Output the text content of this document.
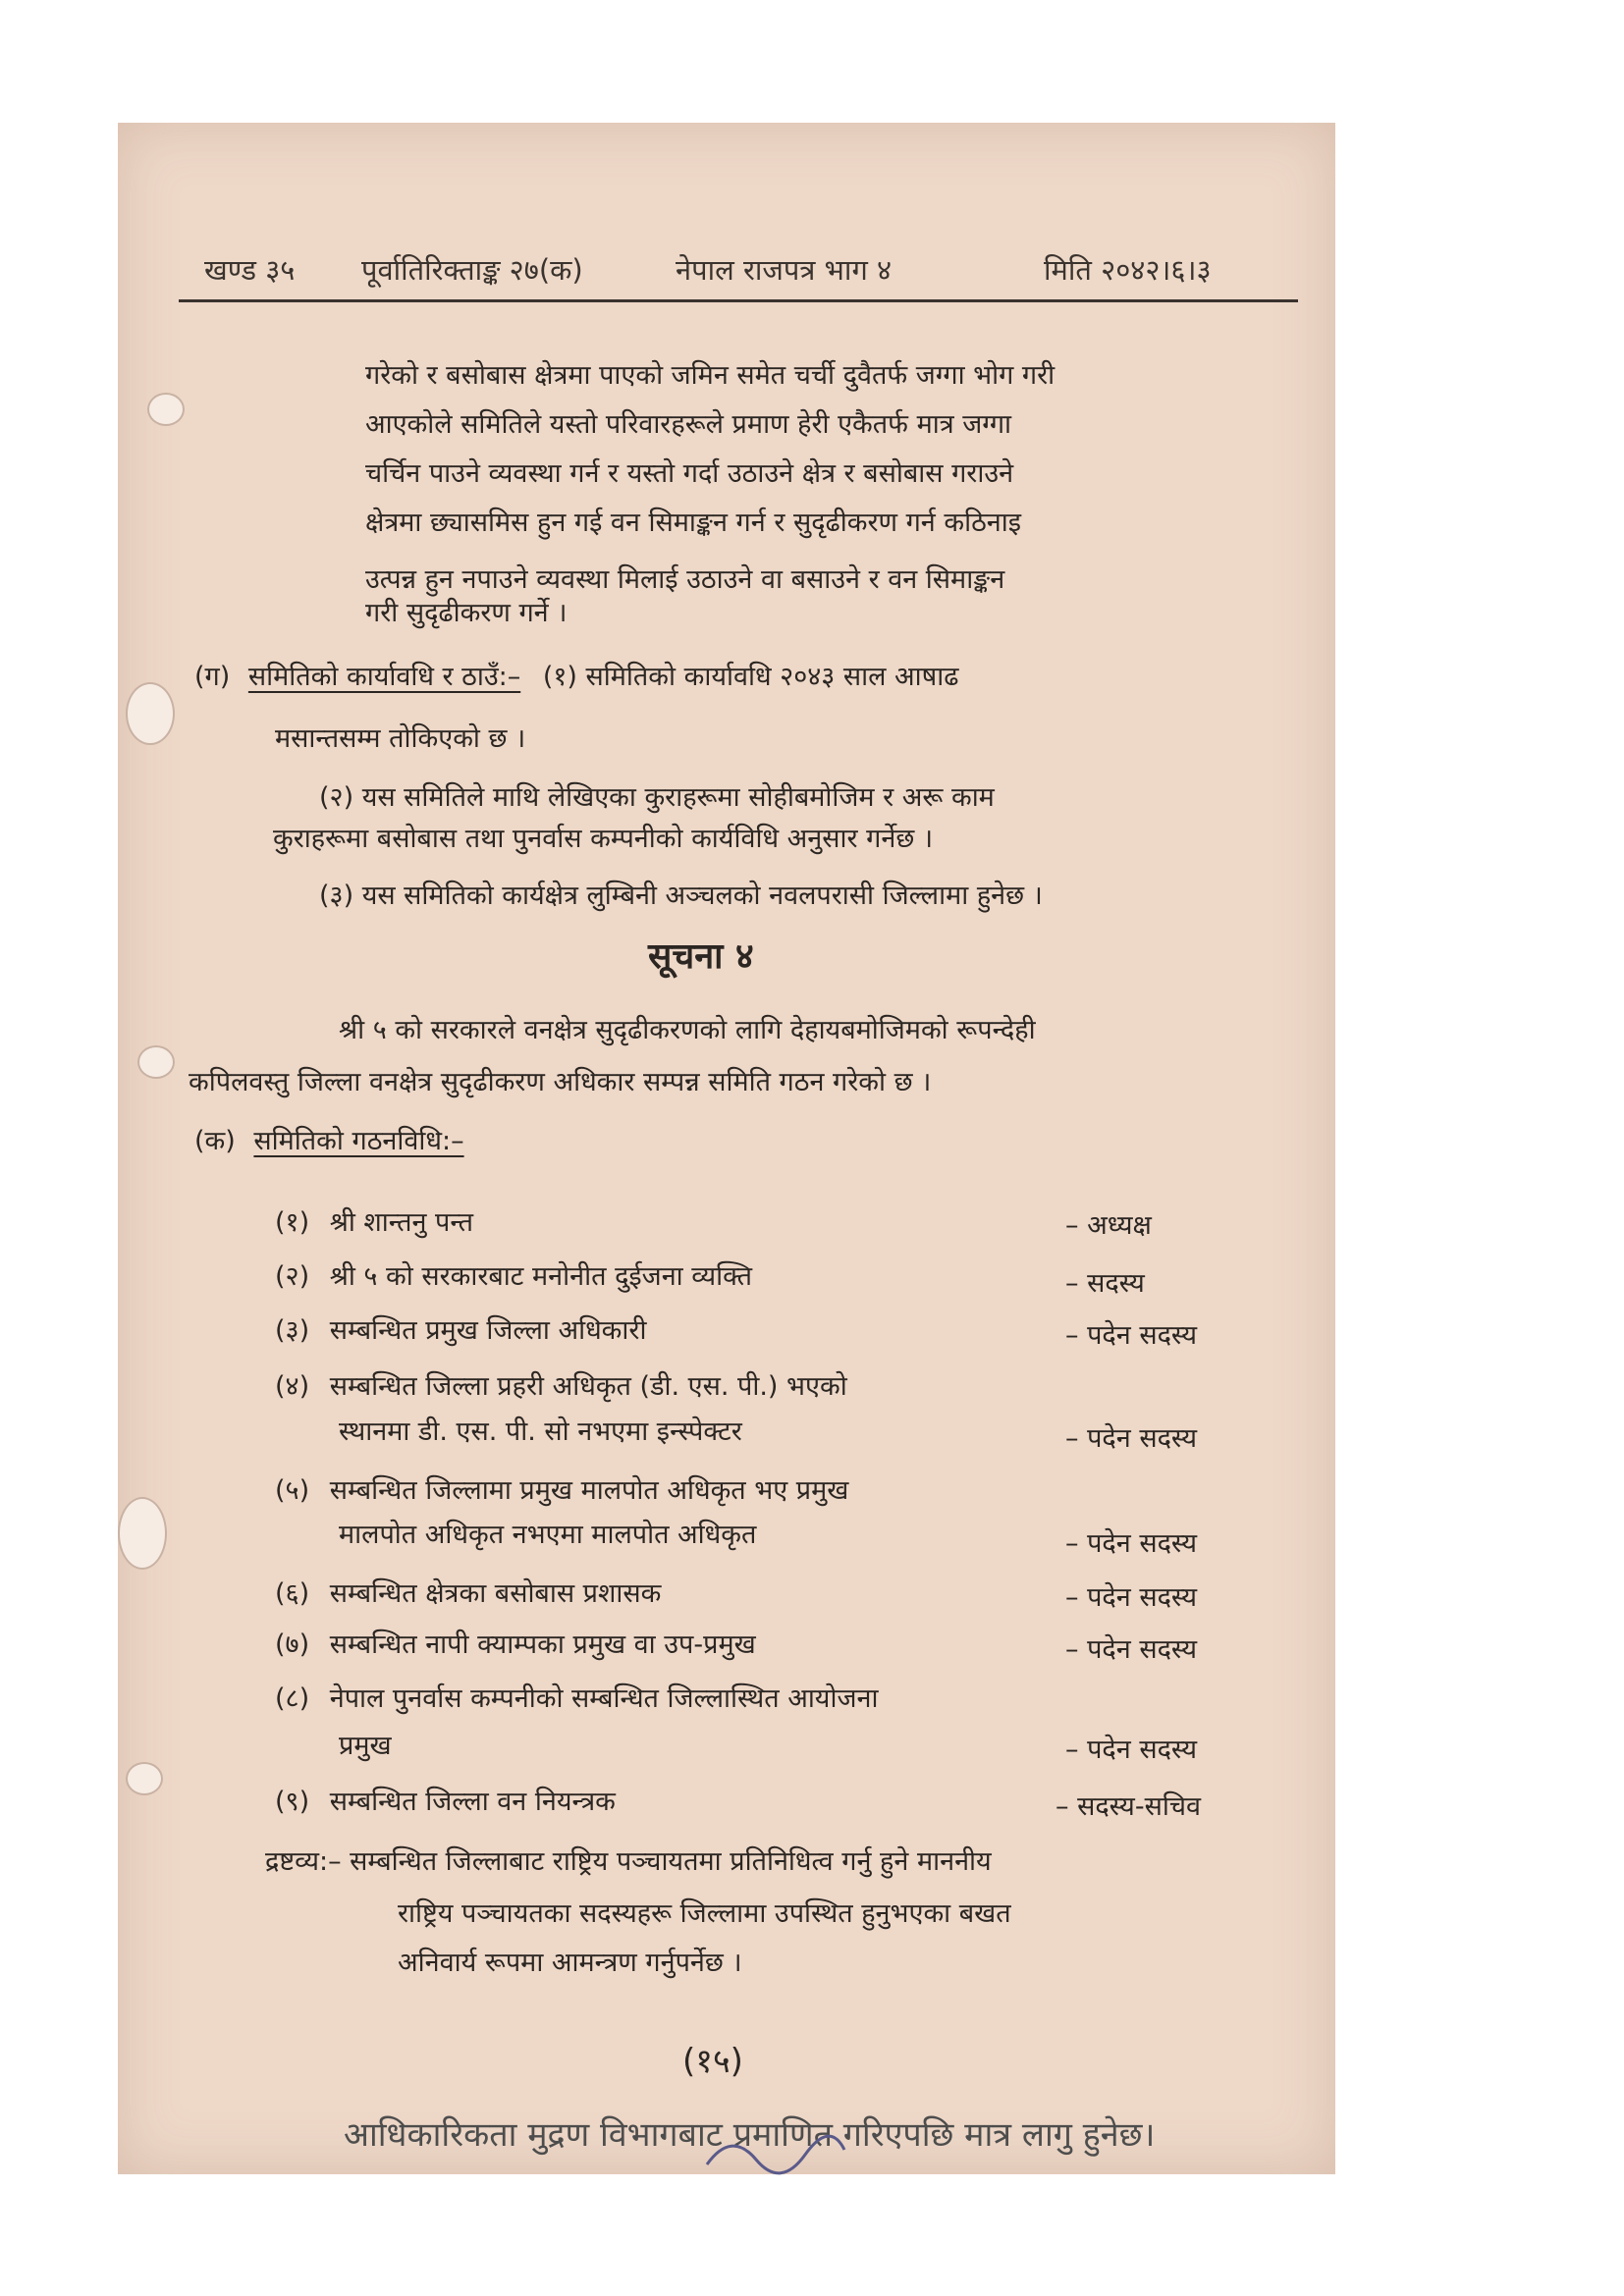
खण्ड ३५ पूर्वातिरिक्ताङ्क २७(क)	नेपाल राजपत्र भाग ४	मिति २०४२।६।३
गरेको र बसोबास क्षेत्रमा पाएको जमिन समेत चर्ची दुवैतर्फ जग्गा भोग गरी
आएकोले समितिले यस्तो परिवारहरूले प्रमाण हेरी एकैतर्फ मात्र जग्गा
चर्चिन पाउने व्यवस्था गर्न र यस्तो गर्दा उठाउने क्षेत्र र बसोबास गराउने
क्षेत्रमा छ्यासमिस हुन गई वन सिमाङ्कन गर्न र सुदृढीकरण गर्न कठिनाइ
उत्पन्न हुन नपाउने व्यवस्था मिलाई उठाउने वा बसाउने र वन सिमाङ्कन
गरी सुदृढीकरण गर्ने ।
(ग) समितिको कार्यावधि र ठाउँ:– (१) समितिको कार्यावधि २०४३ साल आषाढ
मसान्तसम्म तोकिएको छ ।
(२) यस समितिले माथि लेखिएका कुराहरूमा सोहीबमोजिम र अरू काम
कुराहरूमा बसोबास तथा पुनर्वास कम्पनीको कार्यविधि अनुसार गर्नेछ ।
(३) यस समितिको कार्यक्षेत्र लुम्बिनी अञ्चलको नवलपरासी जिल्लामा हुनेछ ।
सूचना ४
श्री ५ को सरकारले वनक्षेत्र सुदृढीकरणको लागि देहायबमोजिमको रूपन्देही
कपिलवस्तु जिल्ला वनक्षेत्र सुदृढीकरण अधिकार सम्पन्न समिति गठन गरेको छ ।
(क) समितिको गठनविधि:–
(१) श्री शान्तनु पन्त	– अध्यक्ष
(२) श्री ५ को सरकारबाट मनोनीत दुईजना व्यक्ति	– सदस्य
(३) सम्बन्धित प्रमुख जिल्ला अधिकारी	– पदेन सदस्य
(४) सम्बन्धित जिल्ला प्रहरी अधिकृत (डी. एस. पी.) भएको
स्थानमा डी. एस. पी. सो नभएमा इन्स्पेक्टर	– पदेन सदस्य
(५) सम्बन्धित जिल्लामा प्रमुख मालपोत अधिकृत भए प्रमुख
मालपोत अधिकृत नभएमा मालपोत अधिकृत	– पदेन सदस्य
(६) सम्बन्धित क्षेत्रका बसोबास प्रशासक	– पदेन सदस्य
(७) सम्बन्धित नापी क्याम्पका प्रमुख वा उप-प्रमुख	– पदेन सदस्य
(८) नेपाल पुनर्वास कम्पनीको सम्बन्धित जिल्लास्थित आयोजना
प्रमुख	– पदेन सदस्य
(९) सम्बन्धित जिल्ला वन नियन्त्रक	– सदस्य-सचिव
द्रष्टव्य:– सम्बन्धित जिल्लाबाट राष्ट्रिय पञ्चायतमा प्रतिनिधित्व गर्नु हुने माननीय
राष्ट्रिय पञ्चायतका सदस्यहरू जिल्लामा उपस्थित हुनुभएका बखत
अनिवार्य रूपमा आमन्त्रण गर्नुपर्नेछ ।
(१५)
आधिकारिकता मुद्रण विभागबाट प्रमाणित गरिएपछि मात्र लागु हुनेछ।
